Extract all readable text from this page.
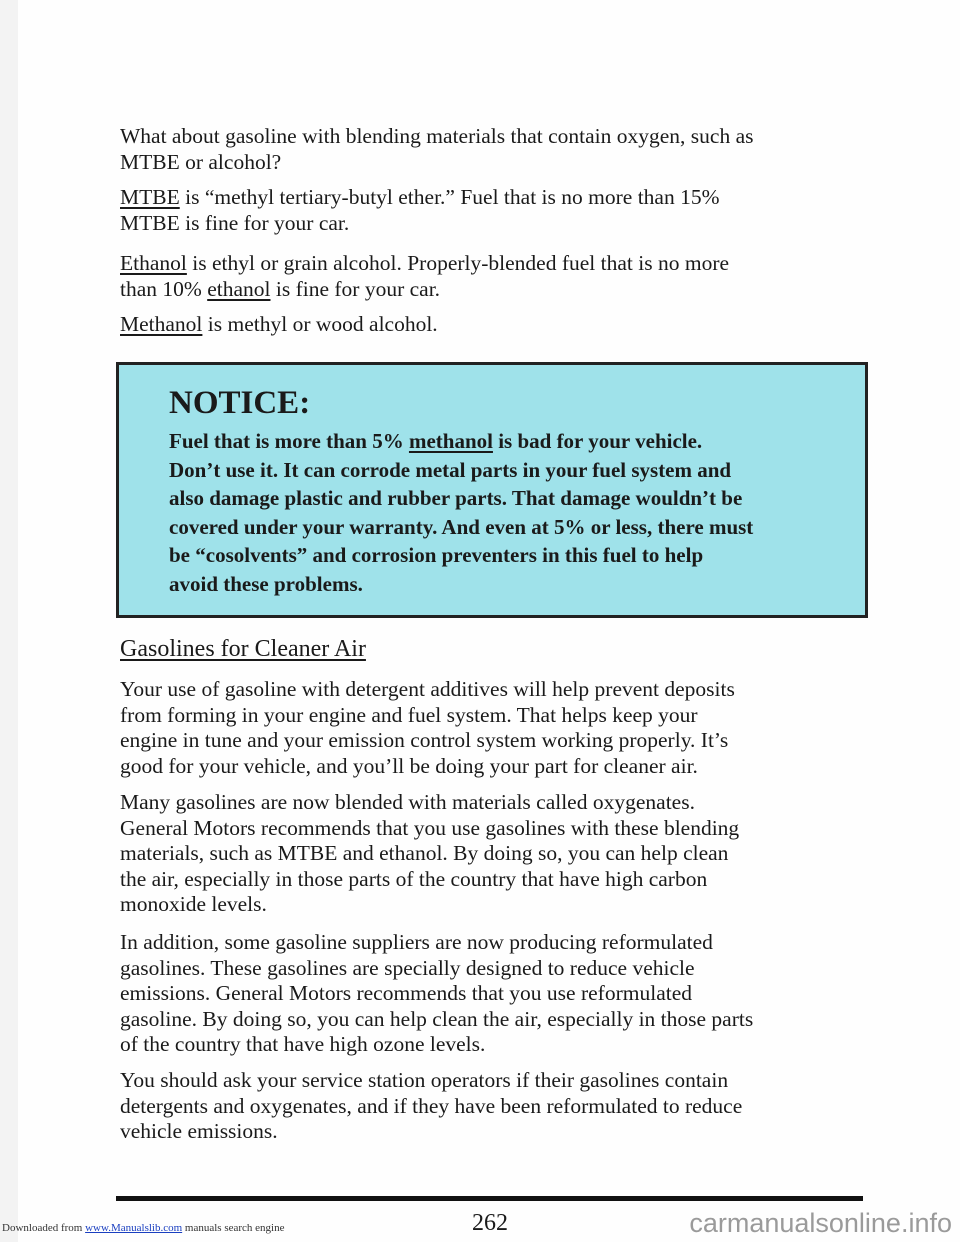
What about gasoline with blending materials that contain oxygen, such as
MTBE or alcohol?
MTBE is “methyl tertiary-butyl ether.” Fuel that is no more than 15%
MTBE is fine for your car.
Ethanol is ethyl or grain alcohol. Properly-blended fuel that is no more
than 10% ethanol is fine for your car.
Methanol is methyl or wood alcohol.
NOTICE:
Fuel that is more than 5% methanol is bad for your vehicle.
Don’t use it. It can corrode metal parts in your fuel system and
also damage plastic and rubber parts. That damage wouldn’t be
covered under your warranty. And even at 5% or less, there must
be “cosolvents” and corrosion preventers in this fuel to help
avoid these problems.
Gasolines for Cleaner Air
Your use of gasoline with detergent additives will help prevent deposits
from forming in your engine and fuel system. That helps keep your
engine in tune and your emission control system working properly. It’s
good for your vehicle, and you’ll be doing your part for cleaner air.
Many gasolines are now blended with materials called oxygenates.
General Motors recommends that you use gasolines with these blending
materials, such as MTBE and ethanol. By doing so, you can help clean
the air, especially in those parts of the country that have high carbon
monoxide levels.
In addition, some gasoline suppliers are now producing reformulated
gasolines. These gasolines are specially designed to reduce vehicle
emissions. General Motors recommends that you use reformulated
gasoline. By doing so, you can help clean the air, especially in those parts
of the country that have high ozone levels.
You should ask your service station operators if their gasolines contain
detergents and oxygenates, and if they have been reformulated to reduce
vehicle emissions.
262
Downloaded from www.Manualslib.com manuals search engine	carmanualsonline.info
